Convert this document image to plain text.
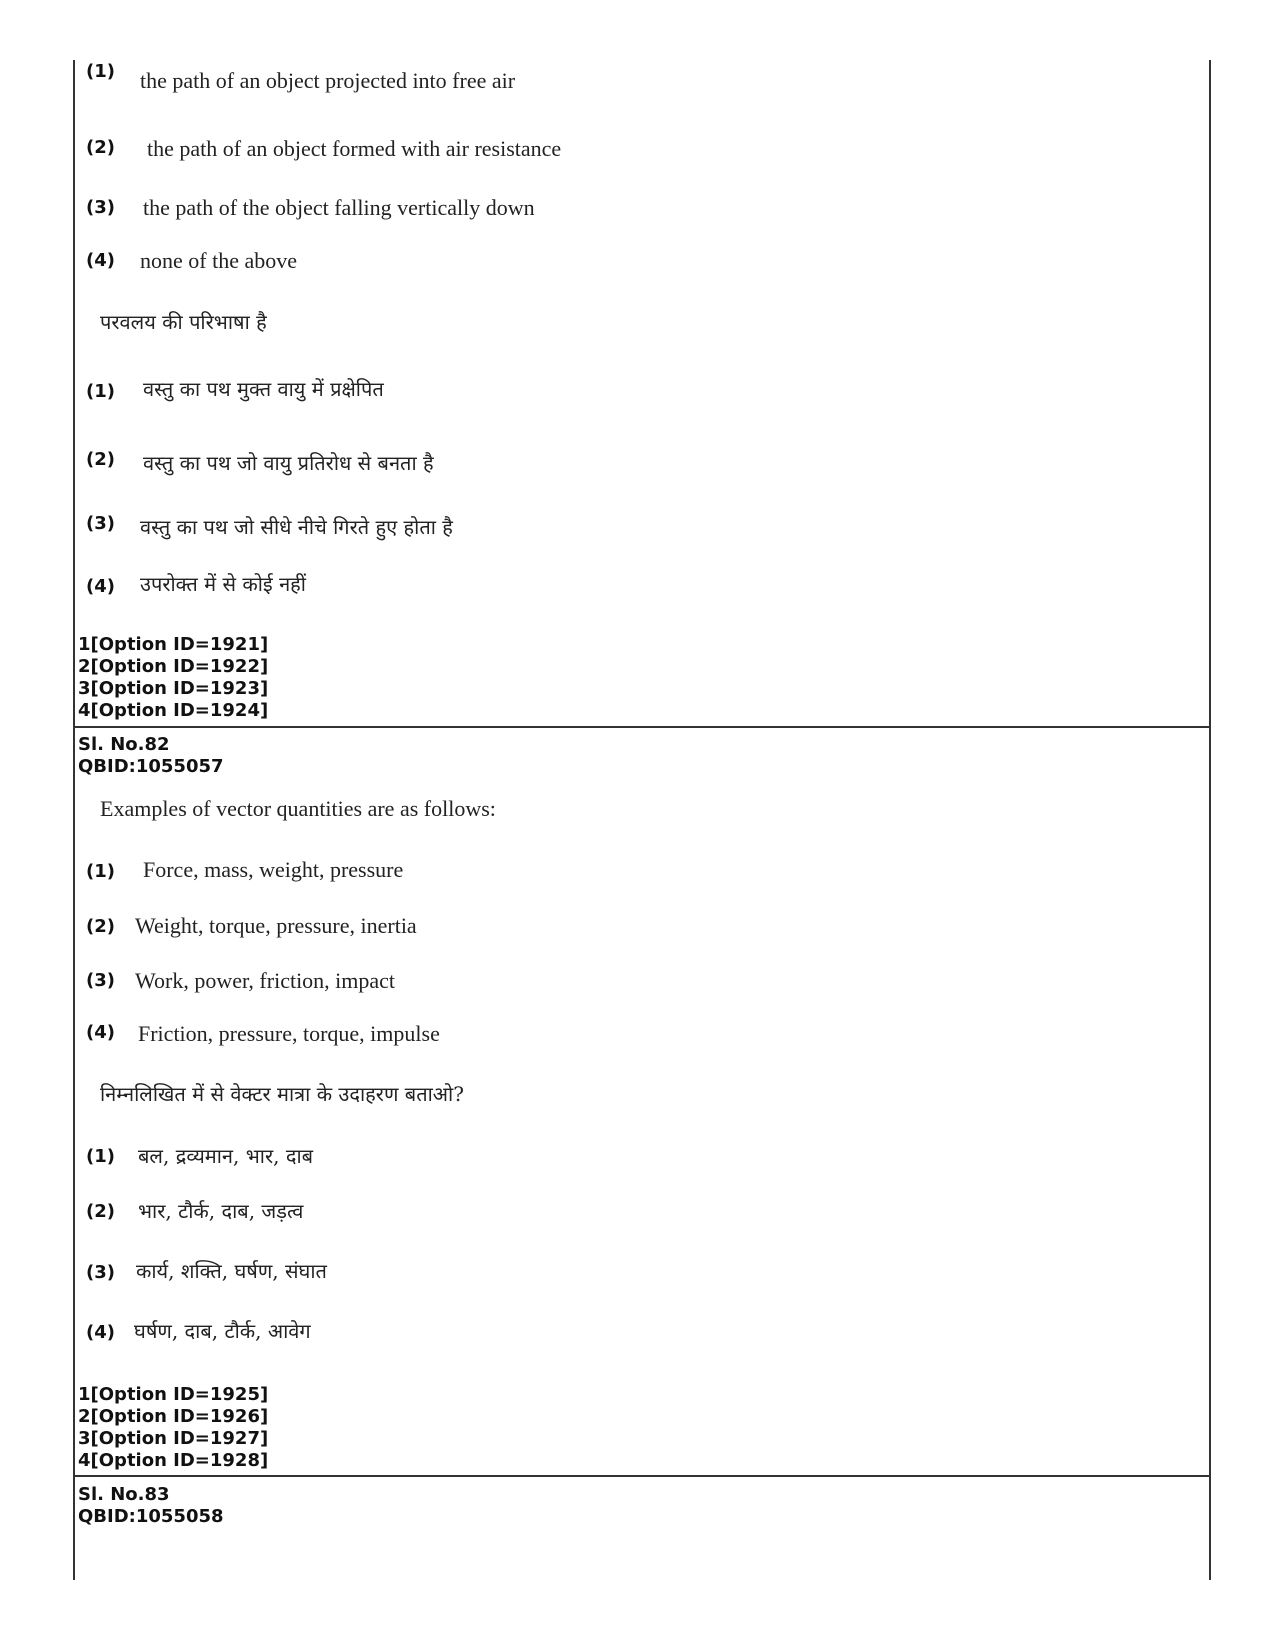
(1) the path of an object projected into free air
(2) the path of an object formed with air resistance
(3) the path of the object falling vertically down
(4) none of the above
परवलय की परिभाषा है
(1) वस्तु का पथ मुक्त वायु में प्रक्षेपित
(2) वस्तु का पथ जो वायु प्रतिरोध से बनता है
(3) वस्तु का पथ जो सीधे नीचे गिरते हुए होता है
(4) उपरोक्त में से कोई नहीं
1[Option ID=1921]
2[Option ID=1922]
3[Option ID=1923]
4[Option ID=1924]
Sl. No.82
QBID:1055057
Examples of vector quantities are as follows:
(1) Force, mass, weight, pressure
(2) Weight, torque, pressure, inertia
(3) Work, power, friction, impact
(4) Friction, pressure, torque, impulse
निम्नलिखित में से वेक्टर मात्रा के उदाहरण बताओ?
(1) बल, द्रव्यमान, भार, दाब
(2) भार, टौर्क, दाब, जड़त्व
(3) कार्य, शक्ति, घर्षण, संघात
(4) घर्षण, दाब, टौर्क, आवेग
1[Option ID=1925]
2[Option ID=1926]
3[Option ID=1927]
4[Option ID=1928]
Sl. No.83
QBID:1055058
